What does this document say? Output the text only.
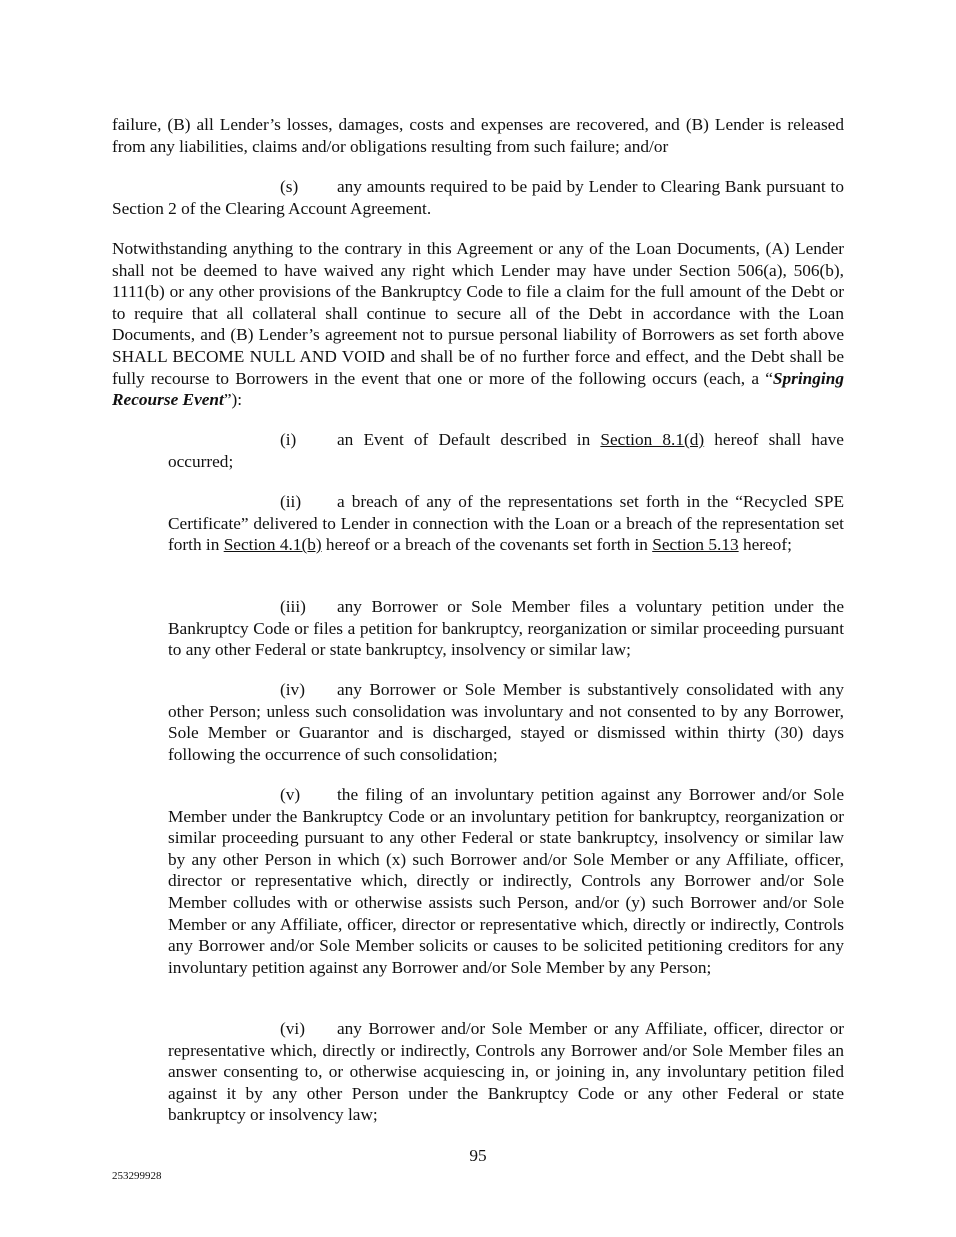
failure, (B) all Lender’s losses, damages, costs and expenses are recovered, and (B) Lender is released from any liabilities, claims and/or obligations resulting from such failure; and/or

(s) any amounts required to be paid by Lender to Clearing Bank pursuant to Section 2 of the Clearing Account Agreement.

Notwithstanding anything to the contrary in this Agreement or any of the Loan Documents, (A) Lender shall not be deemed to have waived any right which Lender may have under Section 506(a), 506(b), 1111(b) or any other provisions of the Bankruptcy Code to file a claim for the full amount of the Debt or to require that all collateral shall continue to secure all of the Debt in accordance with the Loan Documents, and (B) Lender’s agreement not to pursue personal liability of Borrowers as set forth above SHALL BECOME NULL AND VOID and shall be of no further force and effect, and the Debt shall be fully recourse to Borrowers in the event that one or more of the following occurs (each, a “Springing Recourse Event”):

(i) an Event of Default described in Section 8.1(d) hereof shall have occurred;

(ii) a breach of any of the representations set forth in the “Recycled SPE Certificate” delivered to Lender in connection with the Loan or a breach of the representation set forth in Section 4.1(b) hereof or a breach of the covenants set forth in Section 5.13 hereof;

(iii) any Borrower or Sole Member files a voluntary petition under the Bankruptcy Code or files a petition for bankruptcy, reorganization or similar proceeding pursuant to any other Federal or state bankruptcy, insolvency or similar law;

(iv) any Borrower or Sole Member is substantively consolidated with any other Person; unless such consolidation was involuntary and not consented to by any Borrower, Sole Member or Guarantor and is discharged, stayed or dismissed within thirty (30) days following the occurrence of such consolidation;

(v) the filing of an involuntary petition against any Borrower and/or Sole Member under the Bankruptcy Code or an involuntary petition for bankruptcy, reorganization or similar proceeding pursuant to any other Federal or state bankruptcy, insolvency or similar law by any other Person in which (x) such Borrower and/or Sole Member or any Affiliate, officer, director or representative which, directly or indirectly, Controls any Borrower and/or Sole Member colludes with or otherwise assists such Person, and/or (y) such Borrower and/or Sole Member or any Affiliate, officer, director or representative which, directly or indirectly, Controls any Borrower and/or Sole Member solicits or causes to be solicited petitioning creditors for any involuntary petition against any Borrower and/or Sole Member by any Person;

(vi) any Borrower and/or Sole Member or any Affiliate, officer, director or representative which, directly or indirectly, Controls any Borrower and/or Sole Member files an answer consenting to, or otherwise acquiescing in, or joining in, any involuntary petition filed against it by any other Person under the Bankruptcy Code or any other Federal or state bankruptcy or insolvency law;

95
253299928
